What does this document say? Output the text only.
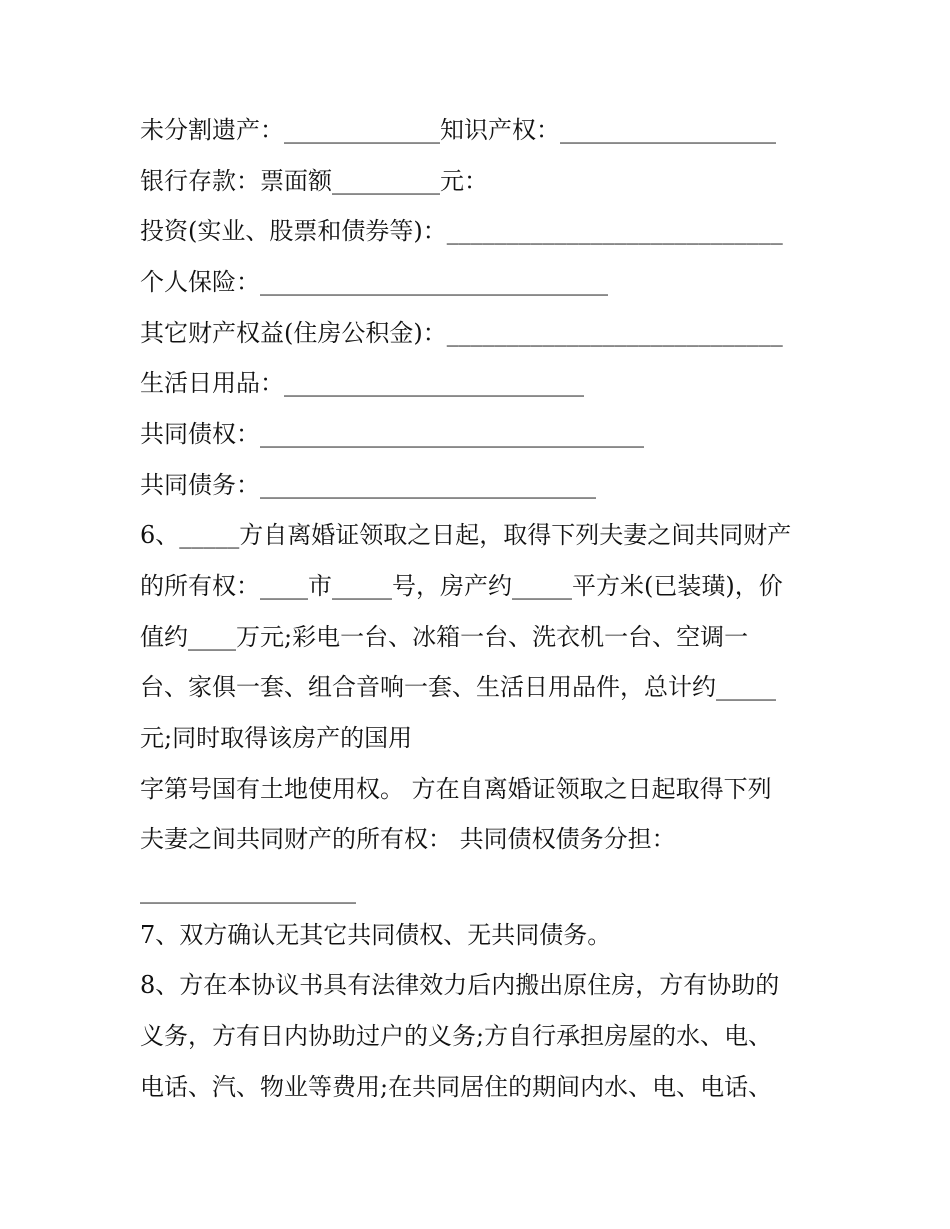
未分割遗产：_____________知识产权：__________________
银行存款：票面额_________元：
投资(实业、股票和债券等)：____________________________
个人保险：_____________________________
其它财产权益(住房公积金)：____________________________
生活日用品：_________________________
共同债权：________________________________
共同债务：____________________________
6、_____方自离婚证领取之日起，取得下列夫妻之间共同财产
的所有权：____市_____号，房产约_____平方米(已装璜)，价
值约____万元;彩电一台、冰箱一台、洗衣机一台、空调一
台、家俱一套、组合音响一套、生活日用品件，总计约_____
元;同时取得该房产的国用
字第号国有土地使用权。 方在自离婚证领取之日起取得下列
夫妻之间共同财产的所有权： 共同债权债务分担：
__________________
7、双方确认无其它共同债权、无共同债务。
8、方在本协议书具有法律效力后内搬出原住房，方有协助的
义务，方有日内协助过户的义务;方自行承担房屋的水、电、
电话、汽、物业等费用;在共同居住的期间内水、电、电话、
